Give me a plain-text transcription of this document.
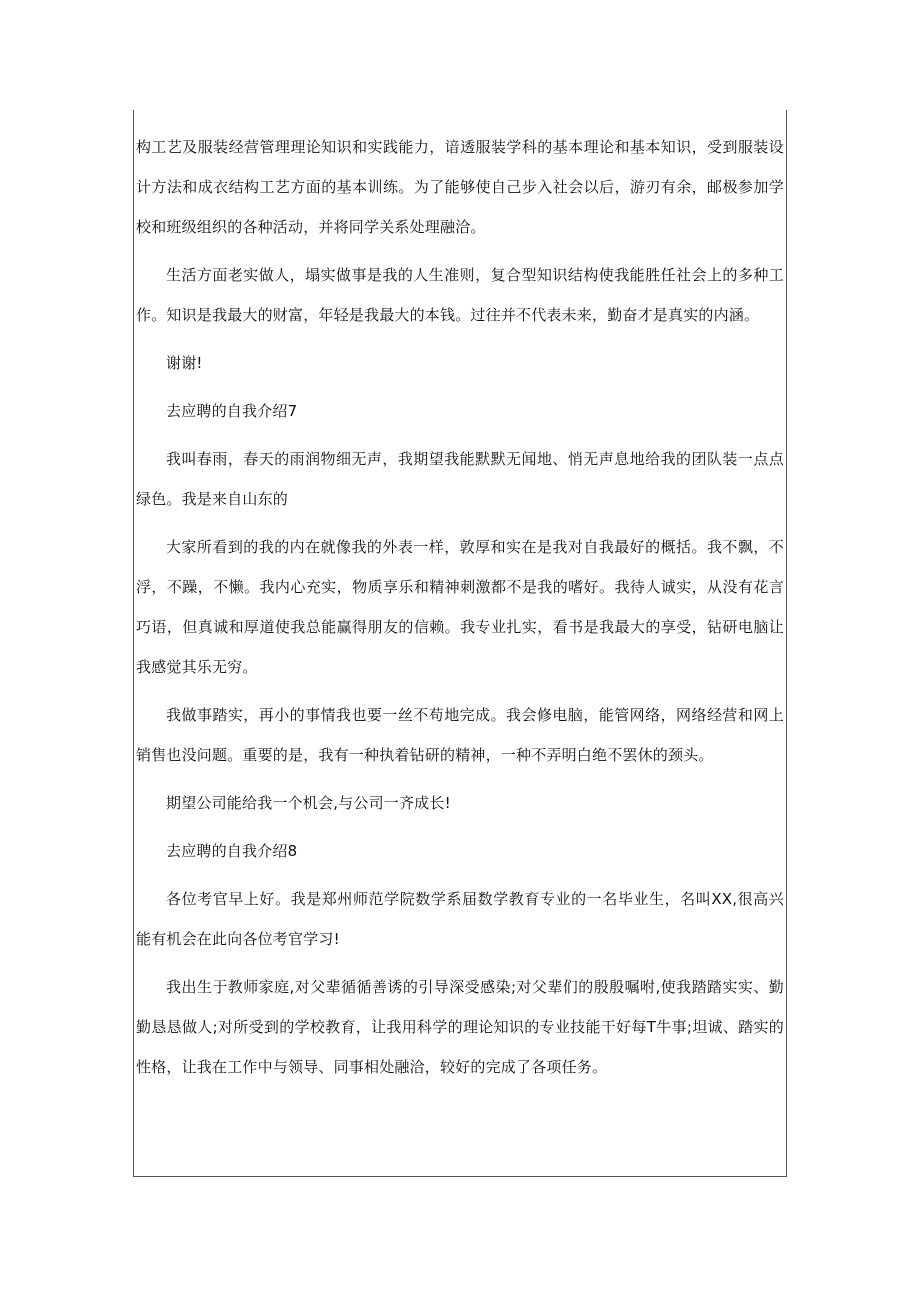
构工艺及服装经营管理理论知识和实践能力，谙透服装学科的基本理论和基本知识，受到服装设计方法和成衣结构工艺方面的基本训练。为了能够使自己步入社会以后，游刃有余，邮极参加学校和班级组织的各种活动，并将同学关系处理融洽。

生活方面老实做人，塌实做事是我的人生准则，复合型知识结构使我能胜任社会上的多种工作。知识是我最大的财富，年轻是我最大的本钱。过往并不代表未来，勤奋才是真实的内涵。

谢谢!

去应聘的自我介绍7

我叫春雨，春天的雨润物细无声，我期望我能默默无闻地、悄无声息地给我的团队装一点点绿色。我是来自山东的

大家所看到的我的内在就像我的外表一样，敦厚和实在是我对自我最好的概括。我不飘，不浮，不躁，不懒。我内心充实，物质享乐和精神刺激都不是我的嗜好。我待人诚实，从没有花言巧语，但真诚和厚道使我总能赢得朋友的信赖。我专业扎实，看书是我最大的享受，钻研电脑让我感觉其乐无穷。

我做事踏实，再小的事情我也要一丝不苟地完成。我会修电脑，能管网络，网络经营和网上销售也没问题。重要的是，我有一种执着钻研的精神，一种不弄明白绝不罢休的颈头。

期望公司能给我一个机会,与公司一齐成长!

去应聘的自我介绍8

各位考官早上好。我是郑州师范学院数学系届数学教育专业的一名毕业生，名叫XX,很高兴能有机会在此向各位考官学习!

我出生于教师家庭,对父辈循循善诱的引导深受感染;对父辈们的殷殷嘱咐,使我踏踏实实、勤勤恳恳做人;对所受到的学校教育，让我用科学的理论知识的专业技能干好每T牛事;坦诚、踏实的性格，让我在工作中与领导、同事相处融洽，较好的完成了各项任务。
